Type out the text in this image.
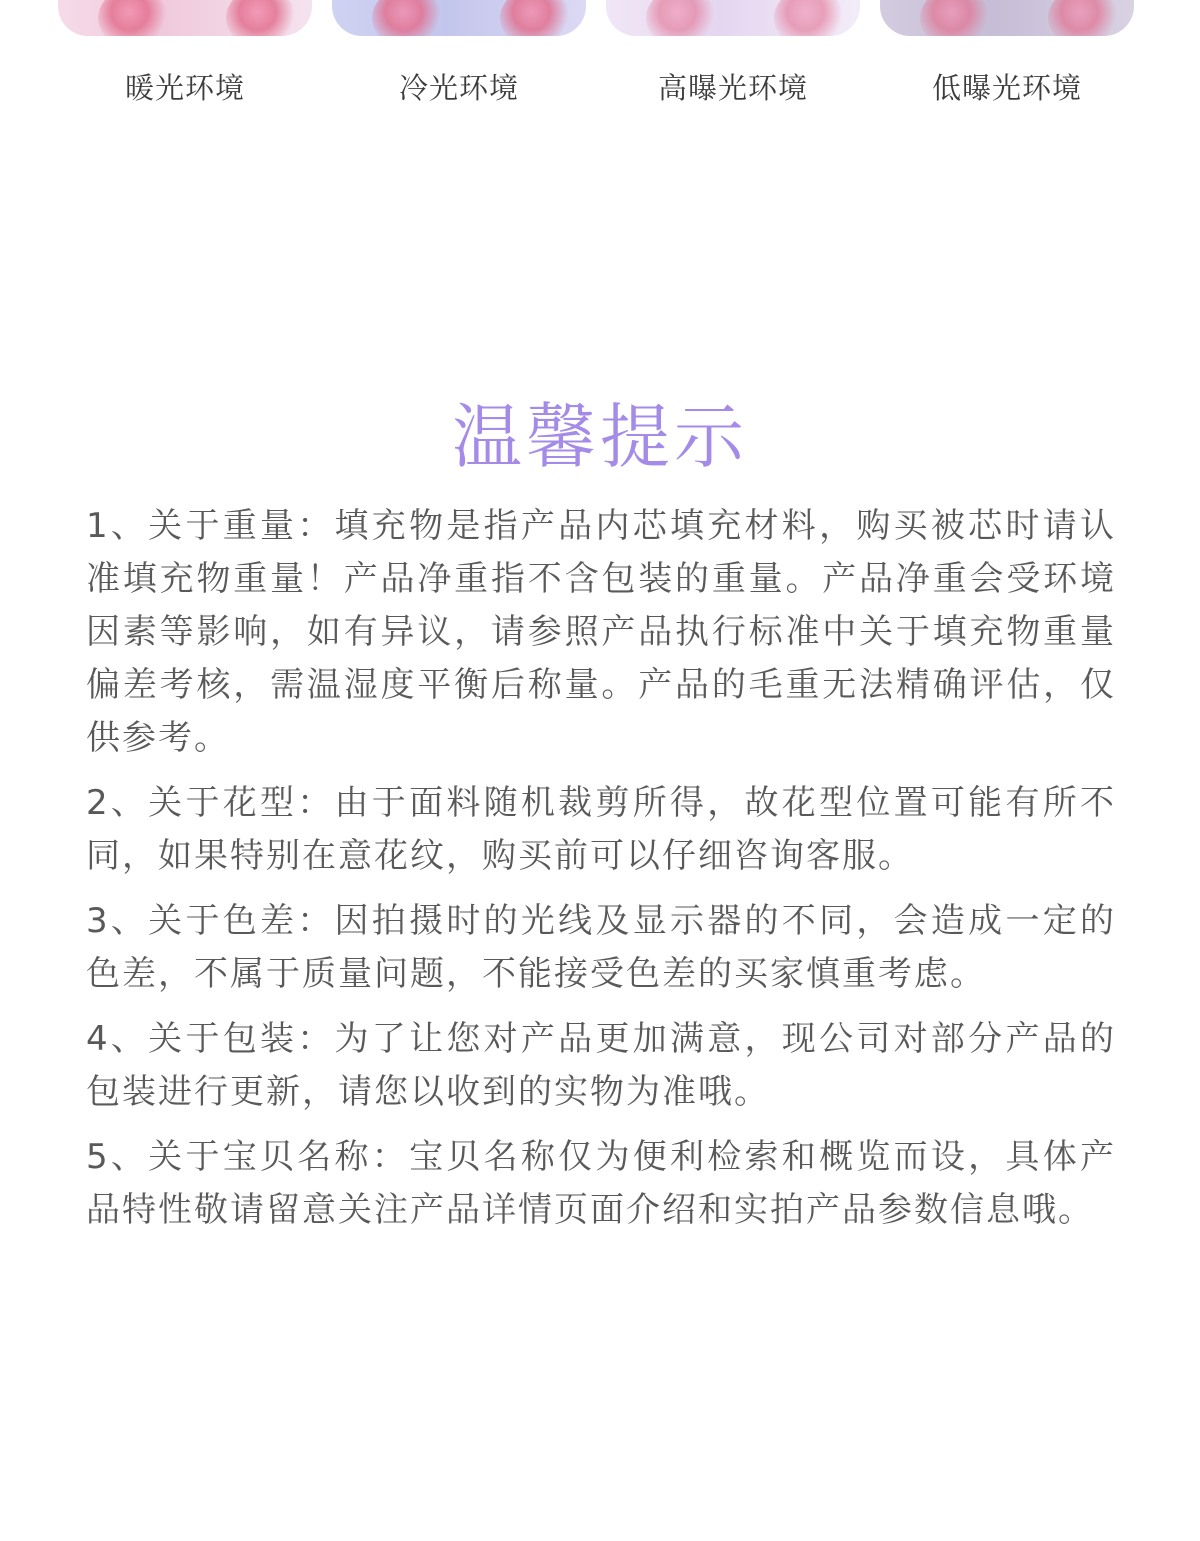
暖光环境	冷光环境	高曝光环境	低曝光环境
温馨提示

1、关于重量：填充物是指产品内芯填充材料，购买被芯时请认准填充物重量！产品净重指不含包装的重量。产品净重会受环境因素等影响，如有异议，请参照产品执行标准中关于填充物重量偏差考核，需温湿度平衡后称量。产品的毛重无法精确评估，仅供参考。

2、关于花型：由于面料随机裁剪所得，故花型位置可能有所不同，如果特别在意花纹，购买前可以仔细咨询客服。

3、关于色差：因拍摄时的光线及显示器的不同，会造成一定的色差，不属于质量问题，不能接受色差的买家慎重考虑。

4、关于包装：为了让您对产品更加满意，现公司对部分产品的包装进行更新，请您以收到的实物为准哦。

5、关于宝贝名称：宝贝名称仅为便利检索和概览而设，具体产品特性敬请留意关注产品详情页面介绍和实拍产品参数信息哦。
